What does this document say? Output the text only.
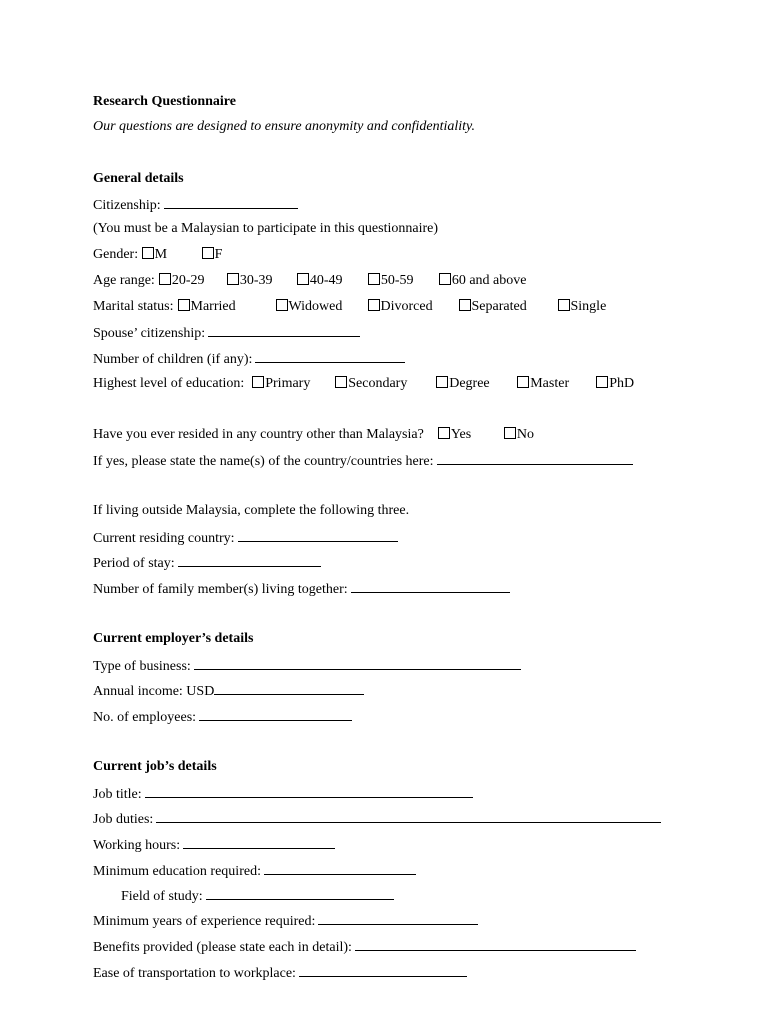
Research Questionnaire
Our questions are designed to ensure anonymity and confidentiality.
General details
Citizenship:
(You must be a Malaysian to participate in this questionnaire)
Gender: M	F
Age range: 20-29	30-39	40-49	50-59	60 and above
Marital status: Married	Widowed	Divorced	Separated	Single
Spouse’ citizenship:
Number of children (if any):
Highest level of education: Primary	Secondary	Degree	Master	PhD
Have you ever resided in any country other than Malaysia? Yes	No
If yes, please state the name(s) of the country/countries here:
If living outside Malaysia, complete the following three.
Current residing country:
Period of stay:
Number of family member(s) living together:
Current employer’s details
Type of business:
Annual income: USD
No. of employees:
Current job’s details
Job title:
Job duties:
Working hours:
Minimum education required:
Field of study:
Minimum years of experience required:
Benefits provided (please state each in detail):
Ease of transportation to workplace:
